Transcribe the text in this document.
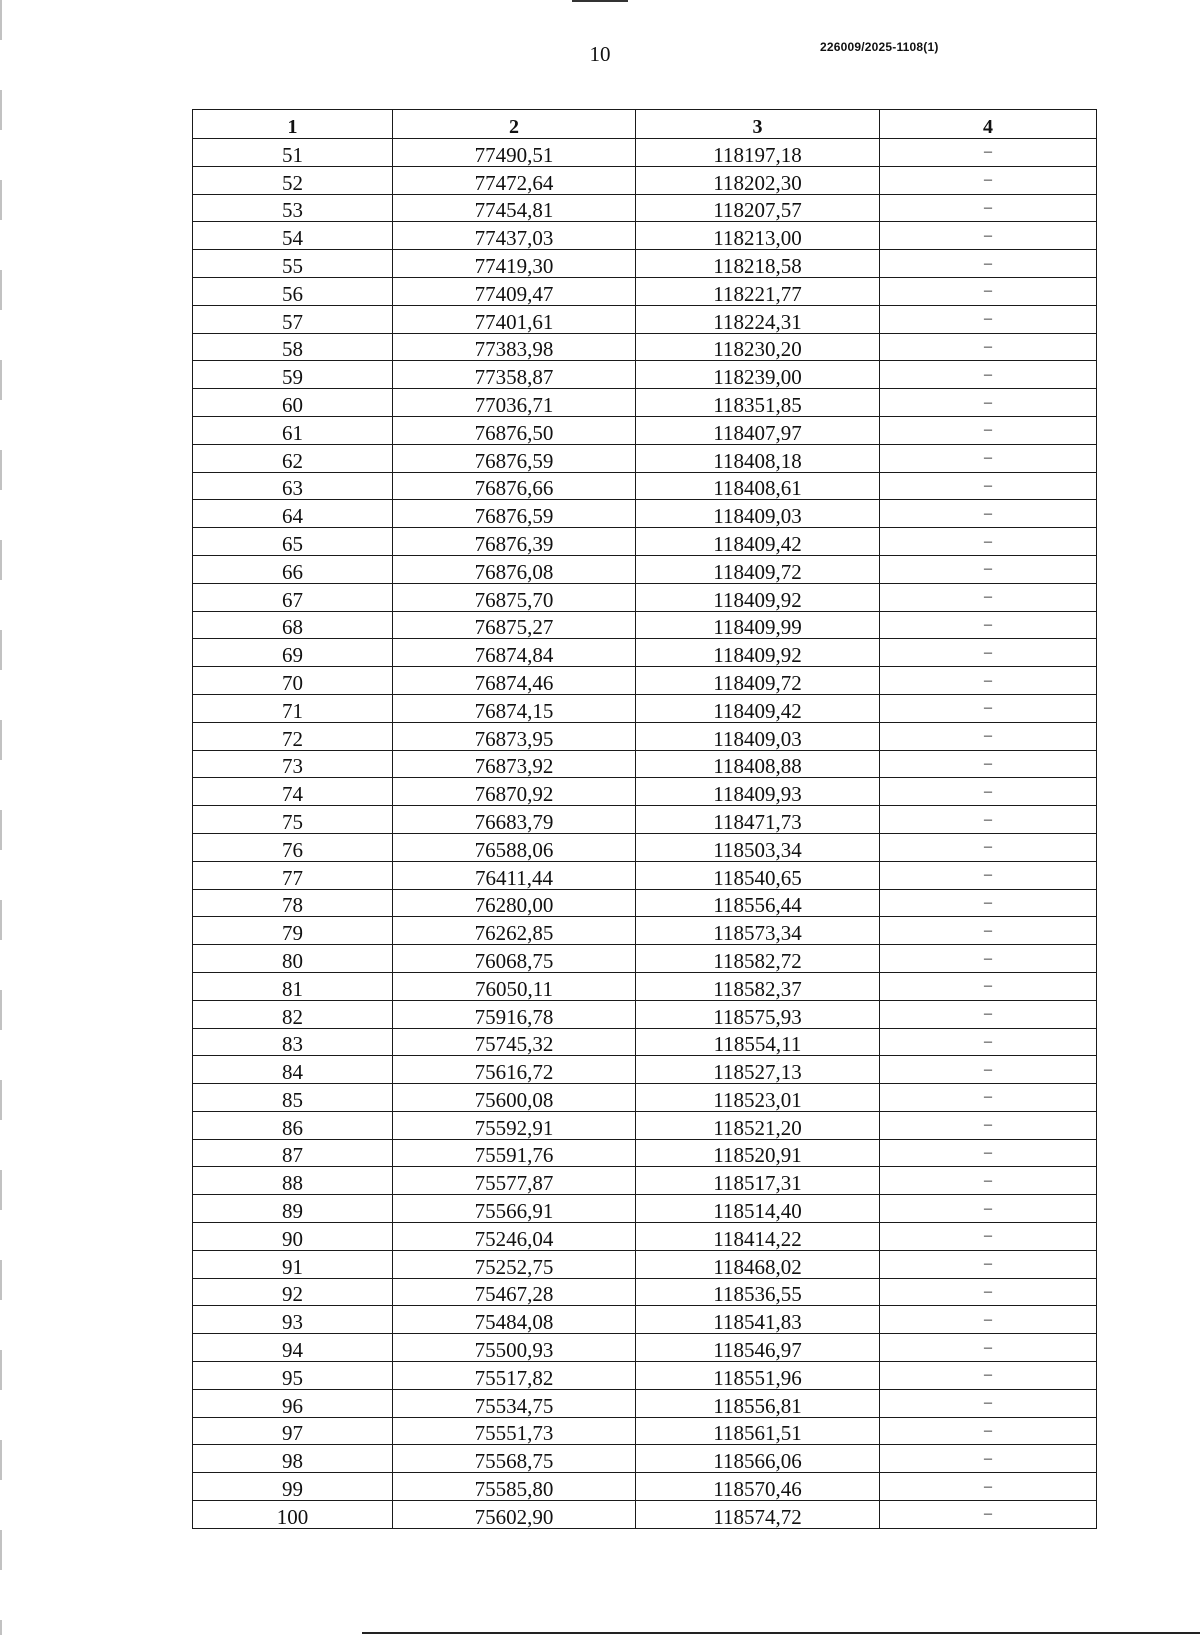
10	226009/2025-1108(1)
1	2	3	4
51	77490,51	118197,18	–
52	77472,64	118202,30	–
53	77454,81	118207,57	–
54	77437,03	118213,00	–
55	77419,30	118218,58	–
56	77409,47	118221,77	–
57	77401,61	118224,31	–
58	77383,98	118230,20	–
59	77358,87	118239,00	–
60	77036,71	118351,85	–
61	76876,50	118407,97	–
62	76876,59	118408,18	–
63	76876,66	118408,61	–
64	76876,59	118409,03	–
65	76876,39	118409,42	–
66	76876,08	118409,72	–
67	76875,70	118409,92	–
68	76875,27	118409,99	–
69	76874,84	118409,92	–
70	76874,46	118409,72	–
71	76874,15	118409,42	–
72	76873,95	118409,03	–
73	76873,92	118408,88	–
74	76870,92	118409,93	–
75	76683,79	118471,73	–
76	76588,06	118503,34	–
77	76411,44	118540,65	–
78	76280,00	118556,44	–
79	76262,85	118573,34	–
80	76068,75	118582,72	–
81	76050,11	118582,37	–
82	75916,78	118575,93	–
83	75745,32	118554,11	–
84	75616,72	118527,13	–
85	75600,08	118523,01	–
86	75592,91	118521,20	–
87	75591,76	118520,91	–
88	75577,87	118517,31	–
89	75566,91	118514,40	–
90	75246,04	118414,22	–
91	75252,75	118468,02	–
92	75467,28	118536,55	–
93	75484,08	118541,83	–
94	75500,93	118546,97	–
95	75517,82	118551,96	–
96	75534,75	118556,81	–
97	75551,73	118561,51	–
98	75568,75	118566,06	–
99	75585,80	118570,46	–
100	75602,90	118574,72	–
